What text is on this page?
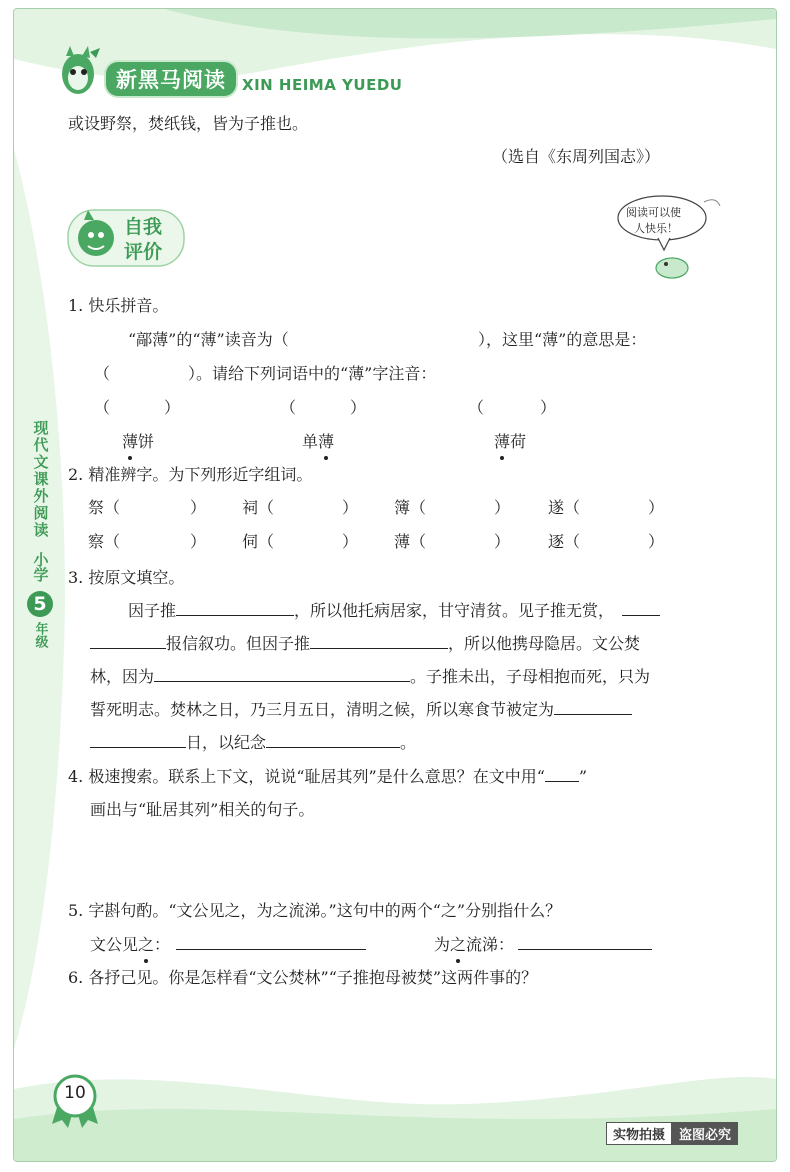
新黑马阅读	XIN HEIMA YUEDU
或设野祭，焚纸钱，皆为子推也。
（选自《东周列国志》）
自我
评价
阅读可以使
人快乐！
现代文课外阅读
小学
5
年级
1. 快乐拼音。
“鄗薄”的“薄”读音为（	），这里“薄”的意思是：
（	）。请给下列词语中的“薄”字注音：
（	）	（	）	（	）
薄饼	单薄	薄荷
2. 精准辨字。为下列形近字组词。
祭（	） 祠（	） 簿（	） 遂（	）
察（	） 伺（	） 薄（	） 逐（	）
3. 按原文填空。
因子推	，所以他托病居家，甘守清贫。见子推无赏，
报信叙功。但因子推	，所以他携母隐居。文公焚
林，因为	。子推未出，子母相抱而死，只为
誓死明志。焚林之日，乃三月五日，清明之候，所以寒食节被定为
日，以纪念	。
4. 极速搜索。联系上下文，说说“耻居其列”是什么意思？在文中用“ ”
画出与“耻居其列”相关的句子。
5. 字斟句酌。“文公见之，为之流涕。”这句中的两个“之”分别指什么？
文公见之：	为之流涕：
6. 各抒己见。你是怎样看“文公焚林”“子推抱母被焚”这两件事的？
10
实物拍摄	盗图必究
